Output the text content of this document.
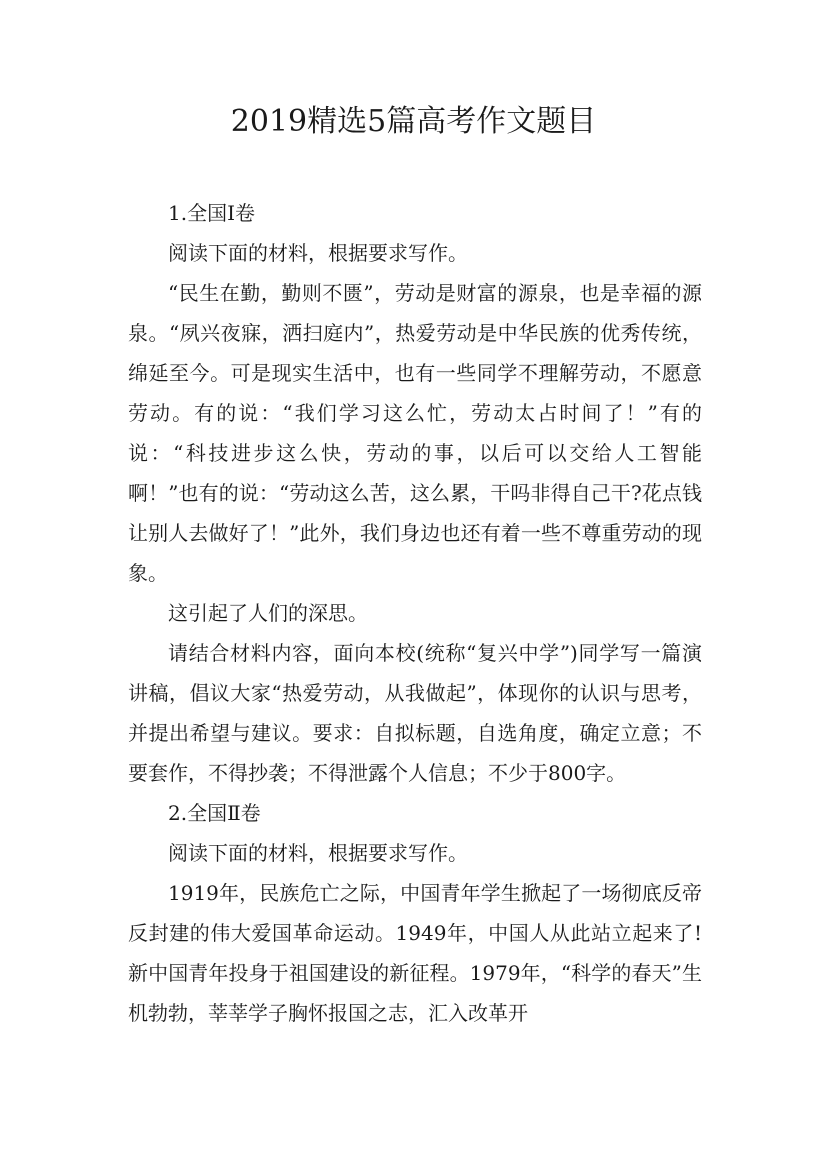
2019精选5篇高考作文题目

1.全国Ⅰ卷

阅读下面的材料，根据要求写作。

“民生在勤，勤则不匮”，劳动是财富的源泉，也是幸福的源泉。“夙兴夜寐，洒扫庭内”，热爱劳动是中华民族的优秀传统，绵延至今。可是现实生活中，也有一些同学不理解劳动，不愿意劳动。有的说：“我们学习这么忙，劳动太占时间了！”有的说：“科技进步这么快，劳动的事，以后可以交给人工智能啊！”也有的说：“劳动这么苦，这么累，干吗非得自己干?花点钱让别人去做好了！”此外，我们身边也还有着一些不尊重劳动的现象。

这引起了人们的深思。

请结合材料内容，面向本校(统称“复兴中学”)同学写一篇演讲稿，倡议大家“热爱劳动，从我做起”，体现你的认识与思考，并提出希望与建议。要求：自拟标题，自选角度，确定立意；不要套作，不得抄袭；不得泄露个人信息；不少于800字。

2.全国Ⅱ卷

阅读下面的材料，根据要求写作。

1919年，民族危亡之际，中国青年学生掀起了一场彻底反帝反封建的伟大爱国革命运动。1949年，中国人从此站立起来了!新中国青年投身于祖国建设的新征程。1979年，“科学的春天”生机勃勃，莘莘学子胸怀报国之志，汇入改革开
